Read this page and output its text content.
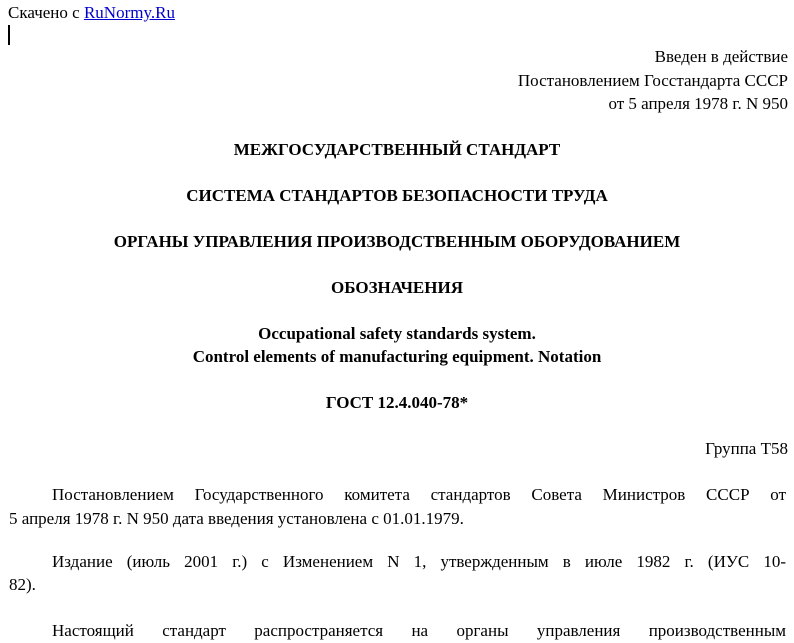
Скачено с RuNormy.Ru
Введен в действие
Постановлением Госстандарта СССР
от 5 апреля 1978 г. N 950
МЕЖГОСУДАРСТВЕННЫЙ СТАНДАРТ
СИСТЕМА СТАНДАРТОВ БЕЗОПАСНОСТИ ТРУДА
ОРГАНЫ УПРАВЛЕНИЯ ПРОИЗВОДСТВЕННЫМ ОБОРУДОВАНИЕМ
ОБОЗНАЧЕНИЯ
Occupational safety standards system.
Control elements of manufacturing equipment. Notation
ГОСТ 12.4.040-78*
Группа Т58
Постановлением Государственного комитета стандартов Совета Министров СССР от
5 апреля 1978 г. N 950 дата введения установлена с 01.01.1979.
Издание (июль 2001 г.) с Изменением N 1, утвержденным в июле 1982 г. (ИУС 10-
82).
Настоящий стандарт распространяется на органы управления производственным
